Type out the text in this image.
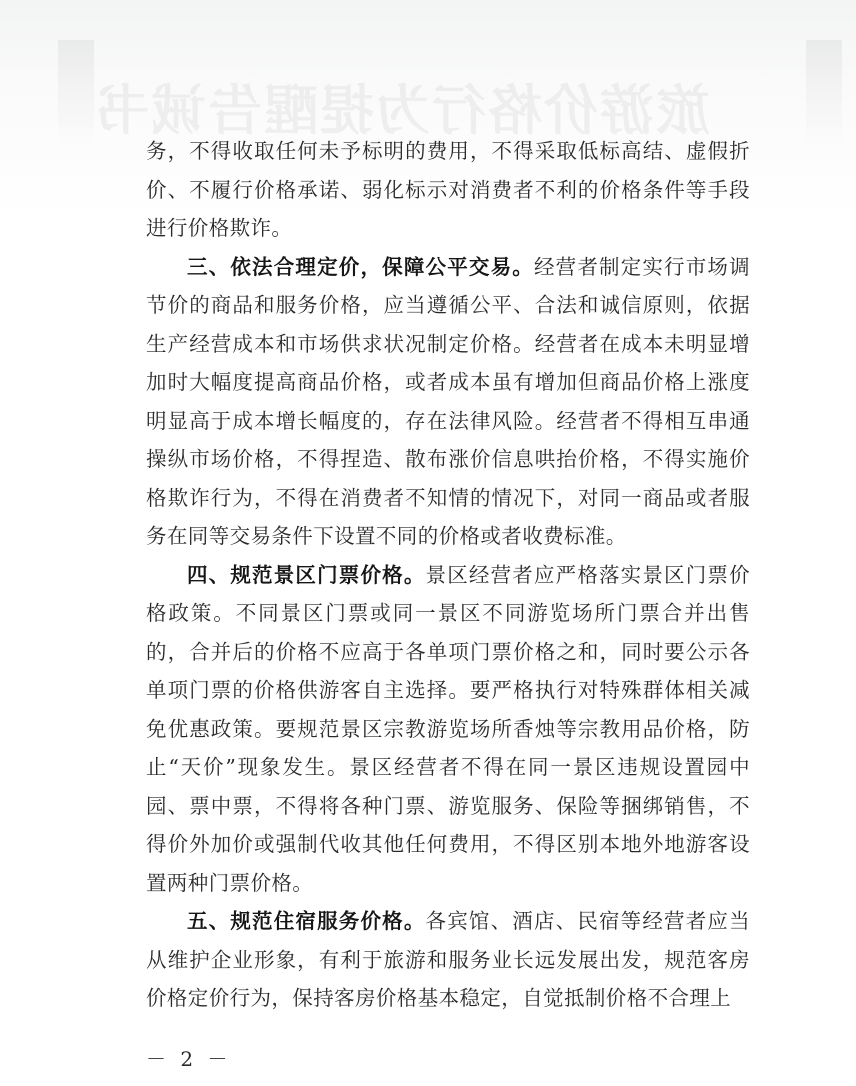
旅游价格行为提醒告诫书

务，不得收取任何未予标明的费用，不得采取低标高结、虚假折价、不履行价格承诺、弱化标示对消费者不利的价格条件等手段进行价格欺诈。

三、依法合理定价，保障公平交易。经营者制定实行市场调节价的商品和服务价格，应当遵循公平、合法和诚信原则，依据生产经营成本和市场供求状况制定价格。经营者在成本未明显增加时大幅度提高商品价格，或者成本虽有增加但商品价格上涨度明显高于成本增长幅度的，存在法律风险。经营者不得相互串通操纵市场价格，不得捏造、散布涨价信息哄抬价格，不得实施价格欺诈行为，不得在消费者不知情的情况下，对同一商品或者服务在同等交易条件下设置不同的价格或者收费标准。

四、规范景区门票价格。景区经营者应严格落实景区门票价格政策。不同景区门票或同一景区不同游览场所门票合并出售的，合并后的价格不应高于各单项门票价格之和，同时要公示各单项门票的价格供游客自主选择。要严格执行对特殊群体相关减免优惠政策。要规范景区宗教游览场所香烛等宗教用品价格，防止“天价”现象发生。景区经营者不得在同一景区违规设置园中园、票中票，不得将各种门票、游览服务、保险等捆绑销售，不得价外加价或强制代收其他任何费用，不得区别本地外地游客设置两种门票价格。

五、规范住宿服务价格。各宾馆、酒店、民宿等经营者应当从维护企业形象，有利于旅游和服务业长远发展出发，规范客房价格定价行为，保持客房价格基本稳定，自觉抵制价格不合理上

－ 2 －
